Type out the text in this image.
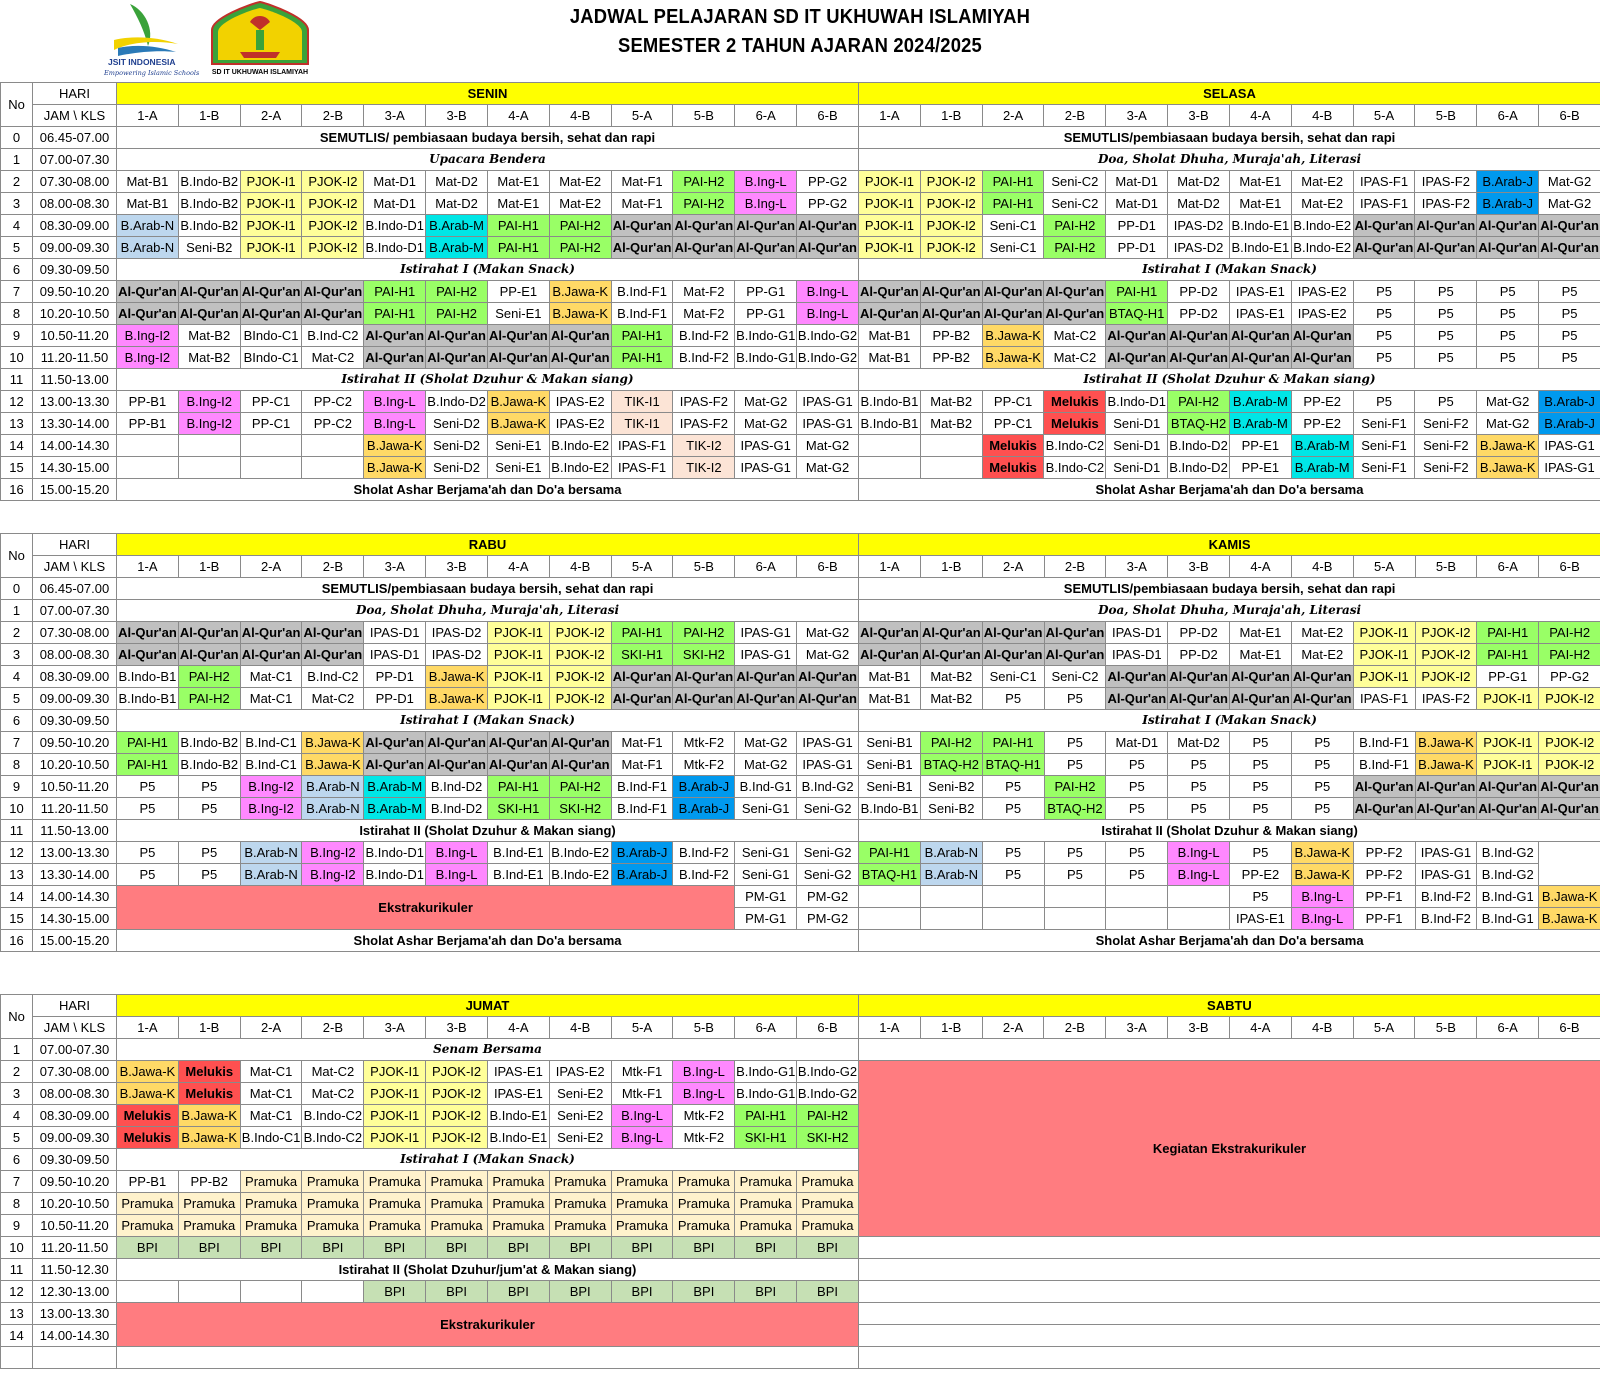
JSIT INDONESIA
Empowering Islamic Schools SD IT UKHUWAH ISLAMIYAH
JADWAL PELAJARAN SD IT UKHUWAH ISLAMIYAH
SEMESTER 2 TAHUN AJARAN 2024/2025
No	HARI	SENIN												SELASA											
	JAM \ KLS	1-A	1-B	2-A	2-B	3-A	3-B	4-A	4-B	5-A	5-B	6-A	6-B	1-A	1-B	2-A	2-B	3-A	3-B	4-A	4-B	5-A	5-B	6-A	6-B
0	06.45-07.00	SEMUTLIS/ pembiasaan budaya bersih, sehat dan rapi												SEMUTLIS/pembiasaan budaya bersih, sehat dan rapi											
1	07.00-07.30	Upacara Bendera												Doa, Sholat Dhuha, Muraja'ah, Literasi											
2	07.30-08.00	Mat-B1	B.Indo-B2	PJOK-I1	PJOK-I2	Mat-D1	Mat-D2	Mat-E1	Mat-E2	Mat-F1	PAI-H2	B.Ing-L	PP-G2	PJOK-I1	PJOK-I2	PAI-H1	Seni-C2	Mat-D1	Mat-D2	Mat-E1	Mat-E2	IPAS-F1	IPAS-F2	B.Arab-J	Mat-G2
3	08.00-08.30	Mat-B1	B.Indo-B2	PJOK-I1	PJOK-I2	Mat-D1	Mat-D2	Mat-E1	Mat-E2	Mat-F1	PAI-H2	B.Ing-L	PP-G2	PJOK-I1	PJOK-I2	PAI-H1	Seni-C2	Mat-D1	Mat-D2	Mat-E1	Mat-E2	IPAS-F1	IPAS-F2	B.Arab-J	Mat-G2
4	08.30-09.00	B.Arab-N	B.Indo-B2	PJOK-I1	PJOK-I2	B.Indo-D1	B.Arab-M	PAI-H1	PAI-H2	Al-Qur'an	Al-Qur'an	Al-Qur'an	Al-Qur'an	PJOK-I1	PJOK-I2	Seni-C1	PAI-H2	PP-D1	IPAS-D2	B.Indo-E1	B.Indo-E2	Al-Qur'an	Al-Qur'an	Al-Qur'an	Al-Qur'an
5	09.00-09.30	B.Arab-N	Seni-B2	PJOK-I1	PJOK-I2	B.Indo-D1	B.Arab-M	PAI-H1	PAI-H2	Al-Qur'an	Al-Qur'an	Al-Qur'an	Al-Qur'an	PJOK-I1	PJOK-I2	Seni-C1	PAI-H2	PP-D1	IPAS-D2	B.Indo-E1	B.Indo-E2	Al-Qur'an	Al-Qur'an	Al-Qur'an	Al-Qur'an
6	09.30-09.50	Istirahat I (Makan Snack)												Istirahat I (Makan Snack)											
7	09.50-10.20	Al-Qur'an	Al-Qur'an	Al-Qur'an	Al-Qur'an	PAI-H1	PAI-H2	PP-E1	B.Jawa-K	B.Ind-F1	Mat-F2	PP-G1	B.Ing-L	Al-Qur'an	Al-Qur'an	Al-Qur'an	Al-Qur'an	PAI-H1	PP-D2	IPAS-E1	IPAS-E2	P5	P5	P5	P5
8	10.20-10.50	Al-Qur'an	Al-Qur'an	Al-Qur'an	Al-Qur'an	PAI-H1	PAI-H2	Seni-E1	B.Jawa-K	B.Ind-F1	Mat-F2	PP-G1	B.Ing-L	Al-Qur'an	Al-Qur'an	Al-Qur'an	Al-Qur'an	BTAQ-H1	PP-D2	IPAS-E1	IPAS-E2	P5	P5	P5	P5
9	10.50-11.20	B.Ing-I2	Mat-B2	BIndo-C1	B.Ind-C2	Al-Qur'an	Al-Qur'an	Al-Qur'an	Al-Qur'an	PAI-H1	B.Ind-F2	B.Indo-G1	B.Indo-G2	Mat-B1	PP-B2	B.Jawa-K	Mat-C2	Al-Qur'an	Al-Qur'an	Al-Qur'an	Al-Qur'an	P5	P5	P5	P5
10	11.20-11.50	B.Ing-I2	Mat-B2	BIndo-C1	Mat-C2	Al-Qur'an	Al-Qur'an	Al-Qur'an	Al-Qur'an	PAI-H1	B.Ind-F2	B.Indo-G1	B.Indo-G2	Mat-B1	PP-B2	B.Jawa-K	Mat-C2	Al-Qur'an	Al-Qur'an	Al-Qur'an	Al-Qur'an	P5	P5	P5	P5
11	11.50-13.00	Istirahat II (Sholat Dzuhur & Makan siang)												Istirahat II (Sholat Dzuhur & Makan siang)											
12	13.00-13.30	PP-B1	B.Ing-I2	PP-C1	PP-C2	B.Ing-L	B.Indo-D2	B.Jawa-K	IPAS-E2	TIK-I1	IPAS-F2	Mat-G2	IPAS-G1	B.Indo-B1	Mat-B2	PP-C1	Melukis	B.Indo-D1	PAI-H2	B.Arab-M	PP-E2	P5	P5	Mat-G2	B.Arab-J
13	13.30-14.00	PP-B1	B.Ing-I2	PP-C1	PP-C2	B.Ing-L	Seni-D2	B.Jawa-K	IPAS-E2	TIK-I1	IPAS-F2	Mat-G2	IPAS-G1	B.Indo-B1	Mat-B2	PP-C1	Melukis	Seni-D1	BTAQ-H2	B.Arab-M	PP-E2	Seni-F1	Seni-F2	Mat-G2	B.Arab-J
14	14.00-14.30					B.Jawa-K	Seni-D2	Seni-E1	B.Indo-E2	IPAS-F1	TIK-I2	IPAS-G1	Mat-G2			Melukis	B.Indo-C2	Seni-D1	B.Indo-D2	PP-E1	B.Arab-M	Seni-F1	Seni-F2	B.Jawa-K	IPAS-G1
15	14.30-15.00					B.Jawa-K	Seni-D2	Seni-E1	B.Indo-E2	IPAS-F1	TIK-I2	IPAS-G1	Mat-G2			Melukis	B.Indo-C2	Seni-D1	B.Indo-D2	PP-E1	B.Arab-M	Seni-F1	Seni-F2	B.Jawa-K	IPAS-G1
16	15.00-15.20	Sholat Ashar Berjama'ah dan Do'a bersama												Sholat Ashar Berjama'ah dan Do'a bersama											
No	HARI	RABU												KAMIS											
	JAM \ KLS	1-A	1-B	2-A	2-B	3-A	3-B	4-A	4-B	5-A	5-B	6-A	6-B	1-A	1-B	2-A	2-B	3-A	3-B	4-A	4-B	5-A	5-B	6-A	6-B
0	06.45-07.00	SEMUTLIS/pembiasaan budaya bersih, sehat dan rapi												SEMUTLIS/pembiasaan budaya bersih, sehat dan rapi											
1	07.00-07.30	Doa, Sholat Dhuha, Muraja'ah, Literasi												Doa, Sholat Dhuha, Muraja'ah, Literasi											
2	07.30-08.00	Al-Qur'an	Al-Qur'an	Al-Qur'an	Al-Qur'an	IPAS-D1	IPAS-D2	PJOK-I1	PJOK-I2	PAI-H1	PAI-H2	IPAS-G1	Mat-G2	Al-Qur'an	Al-Qur'an	Al-Qur'an	Al-Qur'an	IPAS-D1	PP-D2	Mat-E1	Mat-E2	PJOK-I1	PJOK-I2	PAI-H1	PAI-H2
3	08.00-08.30	Al-Qur'an	Al-Qur'an	Al-Qur'an	Al-Qur'an	IPAS-D1	IPAS-D2	PJOK-I1	PJOK-I2	SKI-H1	SKI-H2	IPAS-G1	Mat-G2	Al-Qur'an	Al-Qur'an	Al-Qur'an	Al-Qur'an	IPAS-D1	PP-D2	Mat-E1	Mat-E2	PJOK-I1	PJOK-I2	PAI-H1	PAI-H2
4	08.30-09.00	B.Indo-B1	PAI-H2	Mat-C1	B.Ind-C2	PP-D1	B.Jawa-K	PJOK-I1	PJOK-I2	Al-Qur'an	Al-Qur'an	Al-Qur'an	Al-Qur'an	Mat-B1	Mat-B2	Seni-C1	Seni-C2	Al-Qur'an	Al-Qur'an	Al-Qur'an	Al-Qur'an	PJOK-I1	PJOK-I2	PP-G1	PP-G2
5	09.00-09.30	B.Indo-B1	PAI-H2	Mat-C1	Mat-C2	PP-D1	B.Jawa-K	PJOK-I1	PJOK-I2	Al-Qur'an	Al-Qur'an	Al-Qur'an	Al-Qur'an	Mat-B1	Mat-B2	P5	P5	Al-Qur'an	Al-Qur'an	Al-Qur'an	Al-Qur'an	IPAS-F1	IPAS-F2	PJOK-I1	PJOK-I2
6	09.30-09.50	Istirahat I (Makan Snack)												Istirahat I (Makan Snack)											
7	09.50-10.20	PAI-H1	B.Indo-B2	B.Ind-C1	B.Jawa-K	Al-Qur'an	Al-Qur'an	Al-Qur'an	Al-Qur'an	Mat-F1	Mtk-F2	Mat-G2	IPAS-G1	Seni-B1	PAI-H2	PAI-H1	P5	Mat-D1	Mat-D2	P5	P5	B.Ind-F1	B.Jawa-K	PJOK-I1	PJOK-I2
8	10.20-10.50	PAI-H1	B.Indo-B2	B.Ind-C1	B.Jawa-K	Al-Qur'an	Al-Qur'an	Al-Qur'an	Al-Qur'an	Mat-F1	Mtk-F2	Mat-G2	IPAS-G1	Seni-B1	BTAQ-H2	BTAQ-H1	P5	P5	P5	P5	P5	B.Ind-F1	B.Jawa-K	PJOK-I1	PJOK-I2
9	10.50-11.20	P5	P5	B.Ing-I2	B.Arab-N	B.Arab-M	B.Ind-D2	PAI-H1	PAI-H2	B.Ind-F1	B.Arab-J	B.Ind-G1	B.Ind-G2	Seni-B1	Seni-B2	P5	PAI-H2	P5	P5	P5	P5	Al-Qur'an	Al-Qur'an	Al-Qur'an	Al-Qur'an
10	11.20-11.50	P5	P5	B.Ing-I2	B.Arab-N	B.Arab-M	B.Ind-D2	SKI-H1	SKI-H2	B.Ind-F1	B.Arab-J	Seni-G1	Seni-G2	B.Indo-B1	Seni-B2	P5	BTAQ-H2	P5	P5	P5	P5	Al-Qur'an	Al-Qur'an	Al-Qur'an	Al-Qur'an
11	11.50-13.00	Istirahat II (Sholat Dzuhur & Makan siang)												Istirahat II (Sholat Dzuhur & Makan siang)											
12	13.00-13.30	P5	P5	B.Arab-N	B.Ing-I2	B.Indo-D1	B.Ing-L	B.Ind-E1	B.Indo-E2	B.Arab-J	B.Ind-F2	Seni-G1	Seni-G2	PAI-H1	B.Arab-N	P5	P5	P5	B.Ing-L	P5	B.Jawa-K	PP-F2	IPAS-G1	B.Ind-G2	
13	13.30-14.00	P5	P5	B.Arab-N	B.Ing-I2	B.Indo-D1	B.Ing-L	B.Ind-E1	B.Indo-E2	B.Arab-J	B.Ind-F2	Seni-G1	Seni-G2	BTAQ-H1	B.Arab-N	P5	P5	P5	B.Ing-L	PP-E2	B.Jawa-K	PP-F2	IPAS-G1	B.Ind-G2	
14	14.00-14.30	Ekstrakurikuler										PM-G1	PM-G2							P5	B.Ing-L	PP-F1	B.Ind-F2	B.Ind-G1	B.Jawa-K
15	14.30-15.00											PM-G1	PM-G2							IPAS-E1	B.Ing-L	PP-F1	B.Ind-F2	B.Ind-G1	B.Jawa-K
16	15.00-15.20	Sholat Ashar Berjama'ah dan Do'a bersama												Sholat Ashar Berjama'ah dan Do'a bersama											
No	HARI	JUMAT												SABTU											
	JAM \ KLS	1-A	1-B	2-A	2-B	3-A	3-B	4-A	4-B	5-A	5-B	6-A	6-B	1-A	1-B	2-A	2-B	3-A	3-B	4-A	4-B	5-A	5-B	6-A	6-B
1	07.00-07.30	Senam Bersama																							
2	07.30-08.00	B.Jawa-K	Melukis	Mat-C1	Mat-C2	PJOK-I1	PJOK-I2	IPAS-E1	IPAS-E2	Mtk-F1	B.Ing-L	B.Indo-G1	B.Indo-G2	Kegiatan Ekstrakurikuler											
3	08.00-08.30	B.Jawa-K	Melukis	Mat-C1	Mat-C2	PJOK-I1	PJOK-I2	IPAS-E1	Seni-E2	Mtk-F1	B.Ing-L	B.Indo-G1	B.Indo-G2												
4	08.30-09.00	Melukis	B.Jawa-K	Mat-C1	B.Indo-C2	PJOK-I1	PJOK-I2	B.Indo-E1	Seni-E2	B.Ing-L	Mtk-F2	PAI-H1	PAI-H2												
5	09.00-09.30	Melukis	B.Jawa-K	B.Indo-C1	B.Indo-C2	PJOK-I1	PJOK-I2	B.Indo-E1	Seni-E2	B.Ing-L	Mtk-F2	SKI-H1	SKI-H2												
6	09.30-09.50	Istirahat I (Makan Snack)																							
7	09.50-10.20	PP-B1	PP-B2	Pramuka	Pramuka	Pramuka	Pramuka	Pramuka	Pramuka	Pramuka	Pramuka	Pramuka	Pramuka												
8	10.20-10.50	Pramuka	Pramuka	Pramuka	Pramuka	Pramuka	Pramuka	Pramuka	Pramuka	Pramuka	Pramuka	Pramuka	Pramuka												
9	10.50-11.20	Pramuka	Pramuka	Pramuka	Pramuka	Pramuka	Pramuka	Pramuka	Pramuka	Pramuka	Pramuka	Pramuka	Pramuka												
10	11.20-11.50	BPI	BPI	BPI	BPI	BPI	BPI	BPI	BPI	BPI	BPI	BPI	BPI												
11	11.50-12.30	Istirahat II (Sholat Dzuhur/jum'at & Makan siang)																							
12	12.30-13.00					BPI	BPI	BPI	BPI	BPI	BPI	BPI	BPI												
13	13.00-13.30	Ekstrakurikuler																							
14	14.00-14.30																								
